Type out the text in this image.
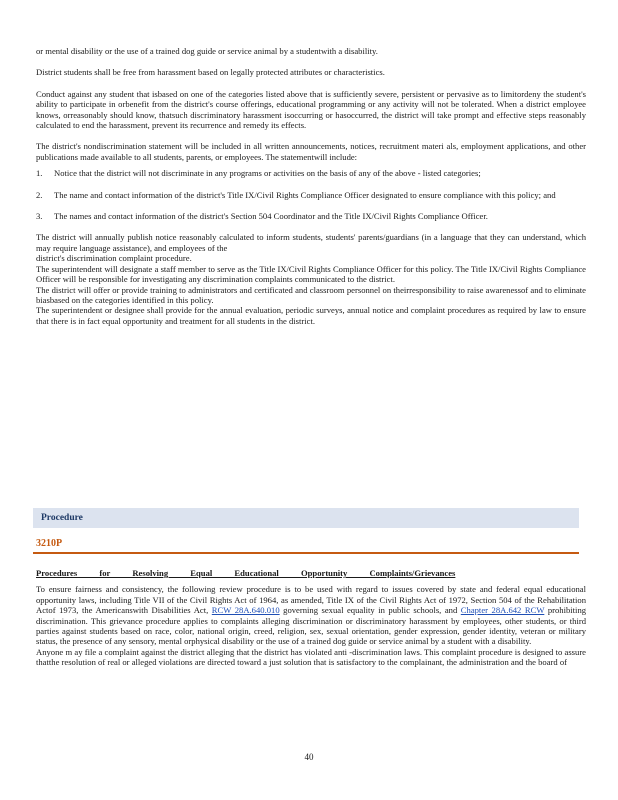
or mental disability or the use of a trained dog guide or service animal by a studentwith a disability.

District students shall be free from harassment based on legally protected attributes or characteristics.

Conduct against any student that isbased on one of the categories listed above that is sufficiently severe, persistent or pervasive as to limitordeny the student's ability to participate in orbenefit from the district's course offerings, educational programming or any activity will not be tolerated. When a district employee knows, orreasonably should know, thatsuch discriminatory harassment isoccurring or hasoccurred, the district will take prompt and effective steps reasonably calculated to end the harassment, prevent its recurrence and remedy its effects.

The district's nondiscrimination statement will be included in all written announcements, notices, recruitment materi als, employment applications, and other publications made available to all students, parents, or employees. The statementwill include:

1.	Notice that the district will not discriminate in any programs or activities on the basis of any of the above - listed categories;
2.	The name and contact information of the district's Title IX/Civil Rights Compliance Officer designated to ensure compliance with this policy; and
3.	The names and contact information of the district's Section 504 Coordinator and the Title IX/Civil Rights Compliance Officer.

The district will annually publish notice reasonably calculated to inform students, students' parents/guardians (in a language that they can understand, which may require language assistance), and employees of the

district's discrimination complaint procedure.

The superintendent will designate a staff member to serve as the Title IX/Civil Rights Compliance Officer for this policy. The Title IX/Civil Rights Compliance Officer will be responsible for investigating any discrimination complaints communicated to the district.

The district will offer or provide training to administrators and certificated and classroom personnel on theirresponsibility to raise awarenessof and to eliminate biasbased on the categories identified in this policy.

The superintendent or designee shall provide for the annual evaluation, periodic surveys, annual notice and complaint procedures as required by law to ensure that there is in fact equal opportunity and treatment for all students in the district.

Procedure
3210P
Procedures for Resolving Equal Educational Opportunity Complaints/Grievances

To ensure fairness and consistency, the following review procedure is to be used with regard to issues covered by state and federal equal educational opportunity laws, including Title VII of the Civil Rights Act of 1964, as amended, Title IX of the Civil Rights Act of 1972, Section 504 of the Rehabilitation Actof 1973, the Americanswith Disabilities Act, RCW 28A.640.010 governing sexual equality in public schools, and Chapter 28A.642 RCW prohibiting discrimination. This grievance procedure applies to complaints alleging discrimination or discriminatory harassment by employees, other students, or third parties against students based on race, color, national origin, creed, religion, sex, sexual orientation, gender expression, gender identity, veteran or military status, the presence of any sensory, mental orphysical disability or the use of a trained dog guide or service animal by a student with a disability.

Anyone m ay file a complaint against the district alleging that the district has violated anti -discrimination laws. This complaint procedure is designed to assure thatthe resolution of real or alleged violations are directed toward a just solution that is satisfactory to the complainant, the administration and the board of

40
